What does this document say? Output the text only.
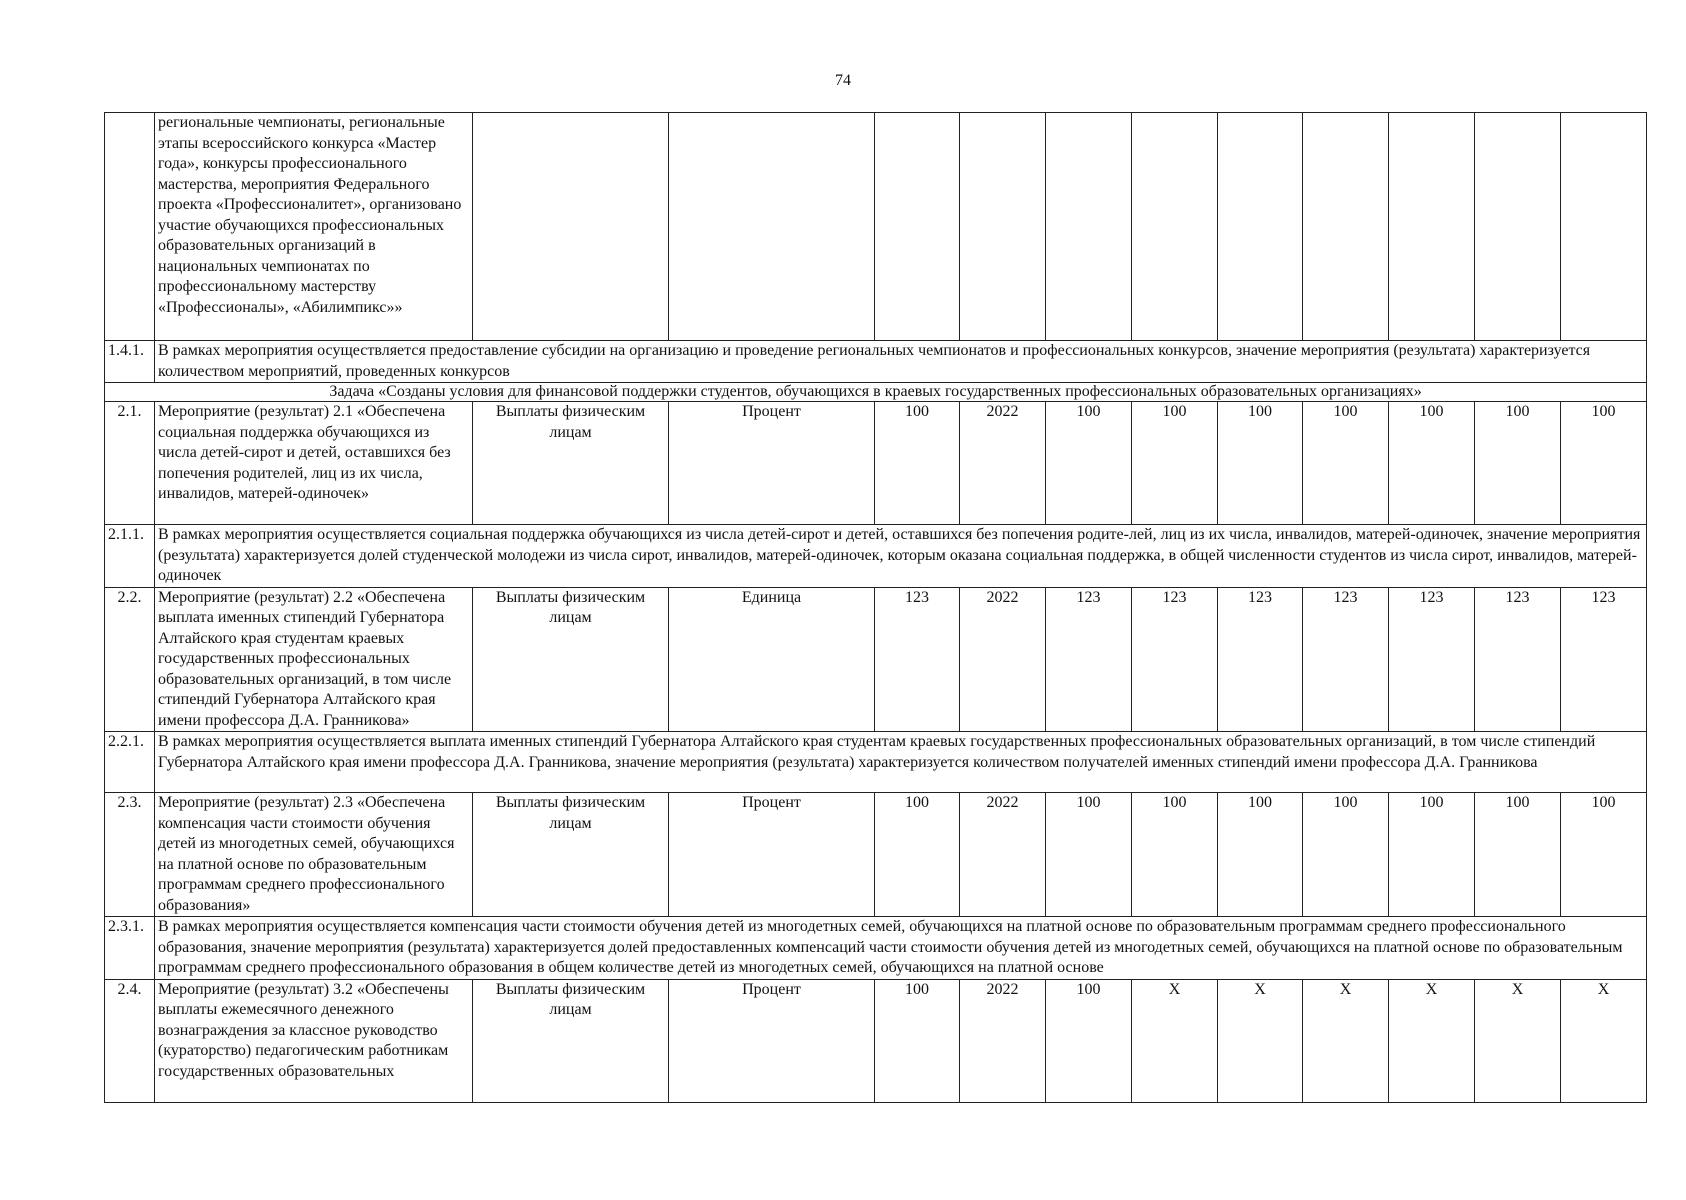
74
	региональные чемпионаты, региональные этапы всероссийского конкурса «Мастер года», конкурсы профессионального мастерства, мероприятия Федерального проекта «Профессионалитет», организовано участие обучающихся профессиональных образовательных организаций в национальных чемпионатах по профессиональному мастерству «Профессионалы», «Абилимпикс»»											
1.4.1.	В рамках мероприятия осуществляется предоставление субсидии на организацию и проведение региональных чемпионатов и профессиональных конкурсов, значение мероприятия (результата) характеризуется количеством мероприятий, проведенных конкурсов											
Задача «Созданы условия для финансовой поддержки студентов, обучающихся в краевых государственных профессиональных образовательных организациях»												
2.1.	Мероприятие (результат) 2.1 «Обеспечена социальная поддержка обучающихся из числа детей-сирот и детей, оставшихся без попечения родителей, лиц из их числа, инвалидов, матерей-одиночек»	Выплаты физическим лицам	Процент	100	2022	100	100	100	100	100	100	100
2.1.1.	В рамках мероприятия осуществляется социальная поддержка обучающихся из числа детей-сирот и детей, оставшихся без попечения родите-лей, лиц из их числа, инвалидов, матерей-одиночек, значение мероприятия (результата) характеризуется долей студенческой молодежи из числа сирот, инвалидов, матерей-одиночек, которым оказана социальная поддержка, в общей численности студентов из числа сирот, инвалидов, матерей-одиночек											
2.2.	Мероприятие (результат) 2.2 «Обеспечена выплата именных стипендий Губернатора Алтайского края студентам краевых государственных профессиональных образовательных организаций, в том числе стипендий Губернатора Алтайского края имени профессора Д.А. Гранникова»	Выплаты физическим лицам	Единица	123	2022	123	123	123	123	123	123	123
2.2.1.	В рамках мероприятия осуществляется выплата именных стипендий Губернатора Алтайского края студентам краевых государственных профессиональных образовательных организаций, в том числе стипендий Губернатора Алтайского края имени профессора Д.А. Гранникова, значение мероприятия (результата) характеризуется количеством получателей именных стипендий имени профессора Д.А. Гранникова											
2.3.	Мероприятие (результат) 2.3 «Обеспечена компенсация части стоимости обучения детей из многодетных семей, обучающихся на платной основе по образовательным программам среднего профессионального образования»	Выплаты физическим лицам	Процент	100	2022	100	100	100	100	100	100	100
2.3.1.	В рамках мероприятия осуществляется компенсация части стоимости обучения детей из многодетных семей, обучающихся на платной основе по образовательным программам среднего профессионального образования, значение мероприятия (результата) характеризуется долей предоставленных компенсаций части стоимости обучения детей из многодетных семей, обучающихся на платной основе по образовательным программам среднего профессионального образования в общем количестве детей из многодетных семей, обучающихся на платной основе											
2.4.	Мероприятие (результат) 3.2 «Обеспечены выплаты ежемесячного денежного вознаграждения за классное руководство (кураторство) педагогическим работникам государственных образовательных	Выплаты физическим лицам	Процент	100	2022	100	X	X	X	X	X	X
